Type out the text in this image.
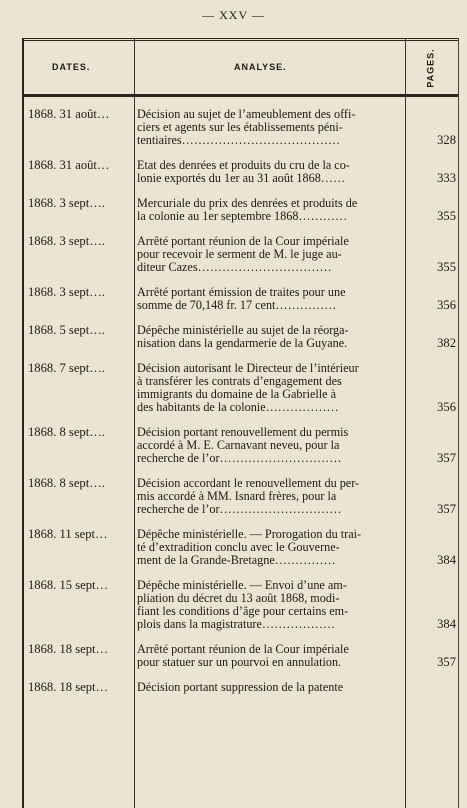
— XXV —
DATES.	ANALYSE.	PAGES.
1868. 31 août…	Décision au sujet de l’ameublement des offi-
ciers et agents sur les établissements péni-
tentiaires…………………………………	328
1868. 31 août…	Etat des denrées et produits du cru de la co-
lonie exportés du 1er au 31 août 1868……	333
1868. 3 sept….	Mercuriale du prix des denrées et produits de
la colonie au 1er septembre 1868…………	355
1868. 3 sept….	Arrêté portant réunion de la Cour impériale
pour recevoir le serment de M. le juge au-
diteur Cazes……………………………	355
1868. 3 sept….	Arrêté portant émission de traites pour une
somme de 70,148 fr. 17 cent……………	356
1868. 5 sept….	Dépêche ministérielle au sujet de la réorga-
nisation dans la gendarmerie de la Guyane.	382
1868. 7 sept….	Décision autorisant le Directeur de l’intérieur
à transférer les contrats d’engagement des
immigrants du domaine de la Gabrielle à
des habitants de la colonie………………	356
1868. 8 sept….	Décision portant renouvellement du permis
accordé à M. E. Carnavant neveu, pour la
recherche de l’or…………………………	357
1868. 8 sept….	Décision accordant le renouvellement du per-
mis accordé à MM. Isnard frères, pour la
recherche de l’or…………………………	357
1868. 11 sept…	Dépêche ministérielle. — Prorogation du trai-
té d’extradition conclu avec le Gouverne-
ment de la Grande-Bretagne……………	384
1868. 15 sept…	Dépêche ministérielle. — Envoi d’une am-
pliation du décret du 13 août 1868, modi-
fiant les conditions d’âge pour certains em-
plois dans la magistrature………………	384
1868. 18 sept…	Arrêté portant réunion de la Cour impériale
pour statuer sur un pourvoi en annulation.	357
1868. 18 sept…	Décision portant suppression de la patente
